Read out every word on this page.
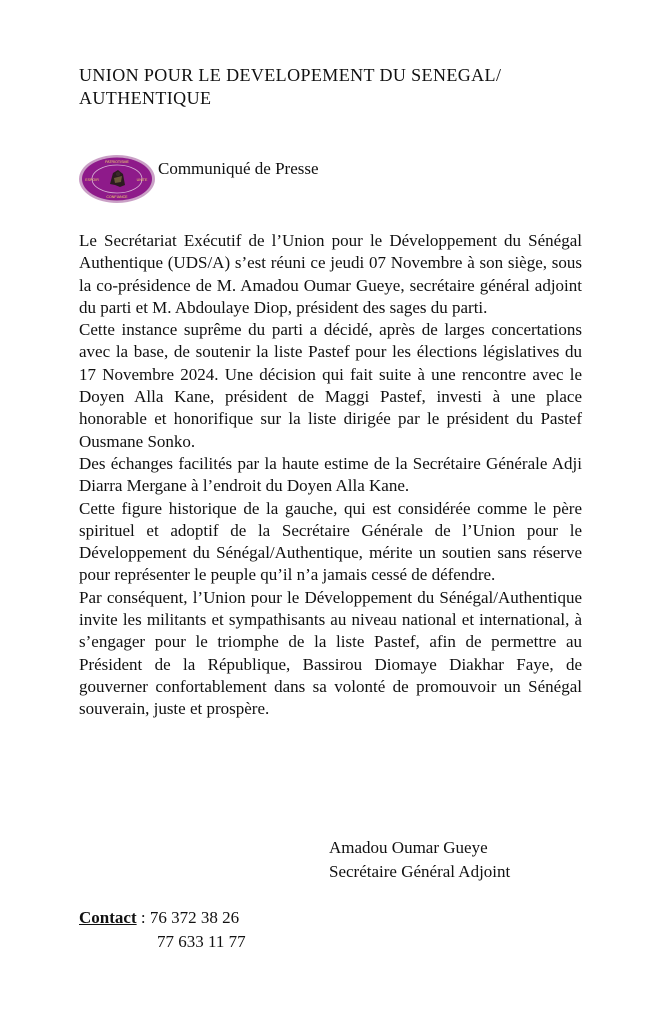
UNION POUR LE DEVELOPEMENT DU SENEGAL/
AUTHENTIQUE
PATRIOTISME
ESPOIR	UNITE
CONFIANCE
Communiqué de Presse

Le Secrétariat Exécutif de l’Union pour le Développement du Sénégal Authentique (UDS/A) s’est réuni ce jeudi 07 Novembre à son siège, sous la co-présidence de M. Amadou Oumar Gueye, secrétaire général adjoint du parti et M. Abdoulaye Diop, président des sages du parti.

Cette instance suprême du parti a décidé, après de larges concertations avec la base, de soutenir la liste Pastef pour les élections législatives du 17 Novembre 2024. Une décision qui fait suite à une rencontre avec le Doyen Alla Kane, président de Maggi Pastef, investi à une place honorable et honorifique sur la liste dirigée par le président du Pastef Ousmane Sonko.

Des échanges facilités par la haute estime de la Secrétaire Générale Adji Diarra Mergane à l’endroit du Doyen Alla Kane.

Cette figure historique de la gauche, qui est considérée comme le père spirituel et adoptif de la Secrétaire Générale de l’Union pour le Développement du Sénégal/Authentique, mérite un soutien sans réserve pour représenter le peuple qu’il n’a jamais cessé de défendre.

Par conséquent, l’Union pour le Développement du Sénégal/Authentique invite les militants et sympathisants au niveau national et international, à s’engager pour le triomphe de la liste Pastef, afin de permettre au Président de la République, Bassirou Diomaye Diakhar Faye, de gouverner confortablement dans sa volonté de promouvoir un Sénégal souverain, juste et prospère.

Amadou Oumar Gueye
Secrétaire Général Adjoint
Contact : 76 372 38 26
77 633 11 77
